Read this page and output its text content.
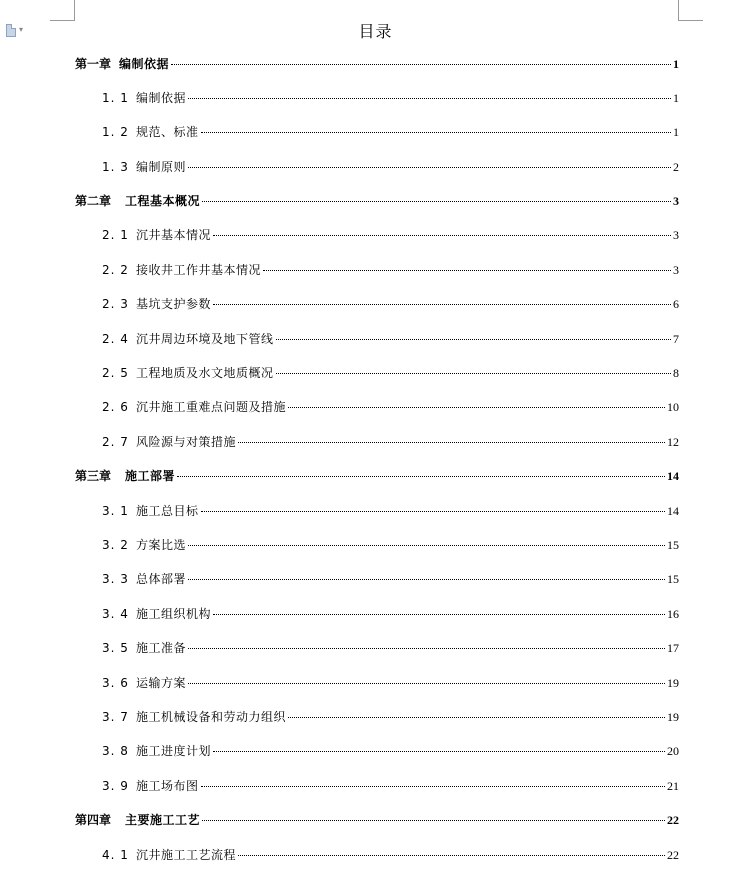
▾	目录
第一章 编制依据	1
1. 1 编制依据	1
1. 2 规范、标准	1
1. 3 编制原则	2
第二章 工程基本概况	3
2. 1 沉井基本情况	3
2. 2 接收井工作井基本情况	3
2. 3 基坑支护参数	6
2. 4 沉井周边环境及地下管线	7
2. 5 工程地质及水文地质概况	8
2. 6 沉井施工重难点问题及措施	10
2. 7 风险源与对策措施	12
第三章 施工部署	14
3. 1 施工总目标	14
3. 2 方案比选	15
3. 3 总体部署	15
3. 4 施工组织机构	16
3. 5 施工准备	17
3. 6 运输方案	19
3. 7 施工机械设备和劳动力组织	19
3. 8 施工进度计划	20
3. 9 施工场布图	21
第四章 主要施工工艺	22
4. 1 沉井施工工艺流程	22
